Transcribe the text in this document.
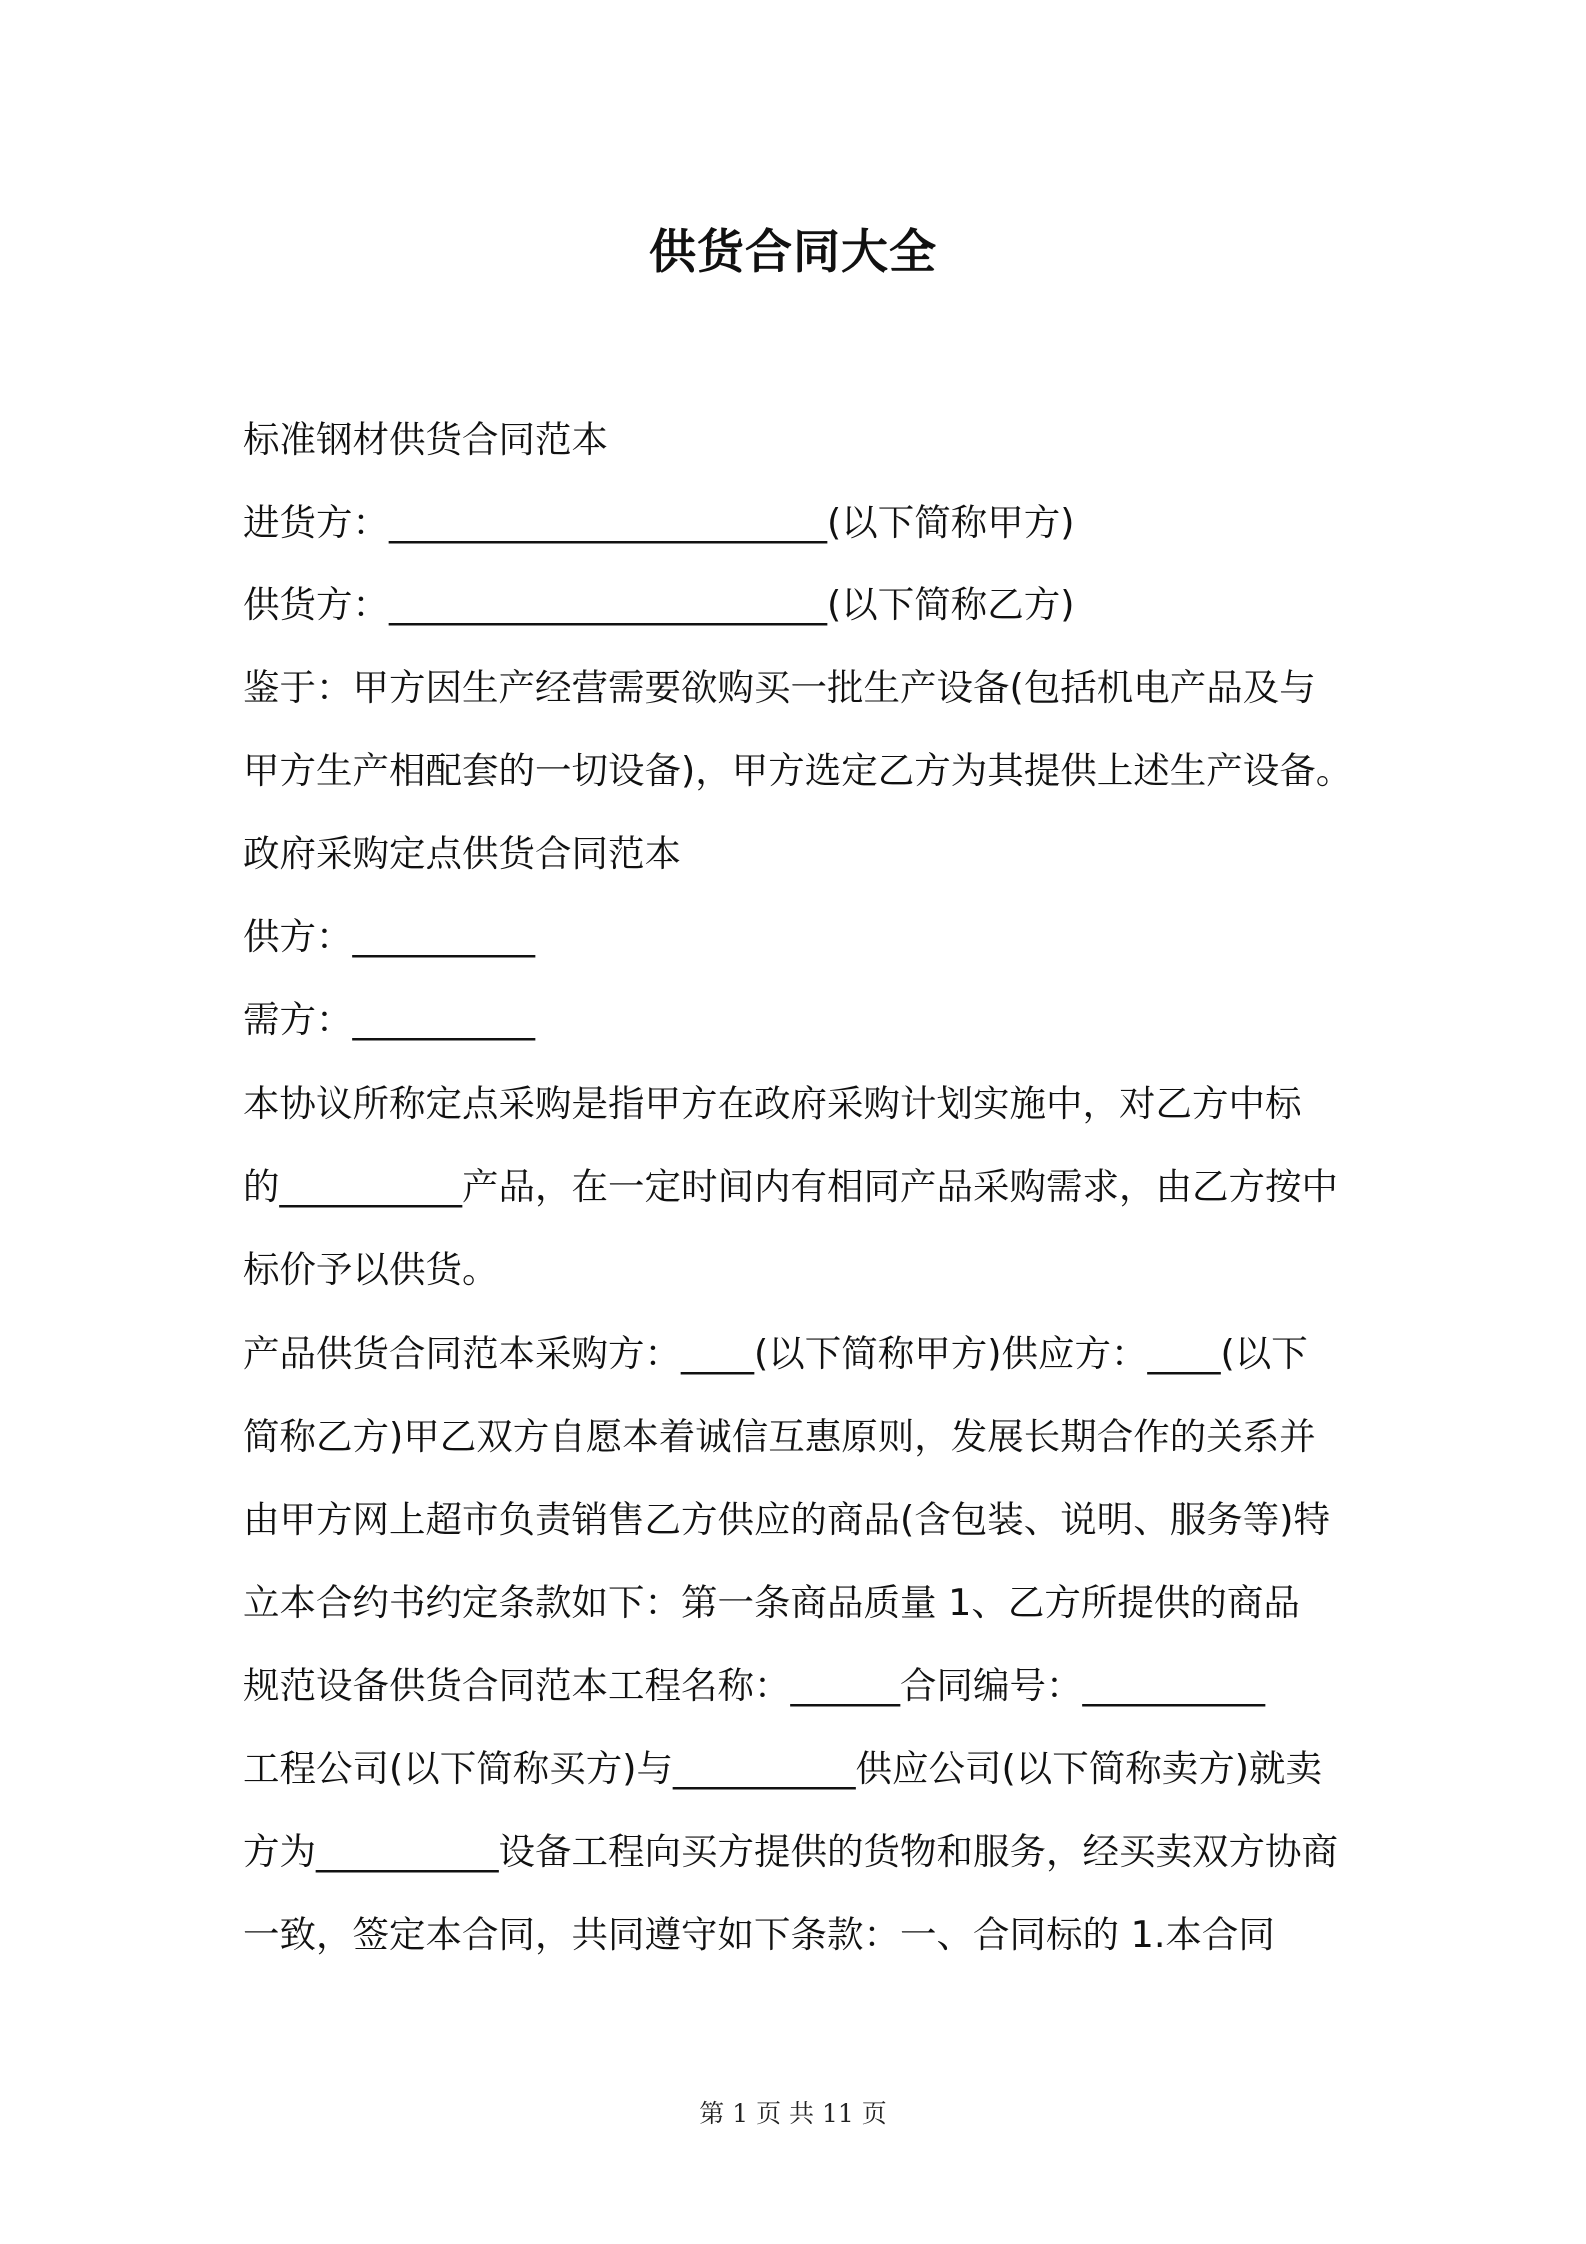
供货合同大全
标准钢材供货合同范本
进货方：________________________(以下简称甲方)
供货方：________________________(以下简称乙方)
鉴于：甲方因生产经营需要欲购买一批生产设备(包括机电产品及与
甲方生产相配套的一切设备)，甲方选定乙方为其提供上述生产设备。
政府采购定点供货合同范本
供方：__________
需方：__________
本协议所称定点采购是指甲方在政府采购计划实施中，对乙方中标
的__________产品，在一定时间内有相同产品采购需求，由乙方按中
标价予以供货。
产品供货合同范本采购方：____(以下简称甲方)供应方：____(以下
简称乙方)甲乙双方自愿本着诚信互惠原则，发展长期合作的关系并
由甲方网上超市负责销售乙方供应的商品(含包装、说明、服务等)特
立本合约书约定条款如下：第一条商品质量 1、乙方所提供的商品
规范设备供货合同范本工程名称：______合同编号：__________
工程公司(以下简称买方)与__________供应公司(以下简称卖方)就卖
方为__________设备工程向买方提供的货物和服务，经买卖双方协商
一致，签定本合同，共同遵守如下条款：一、合同标的 1.本合同
第 1 页 共 11 页
